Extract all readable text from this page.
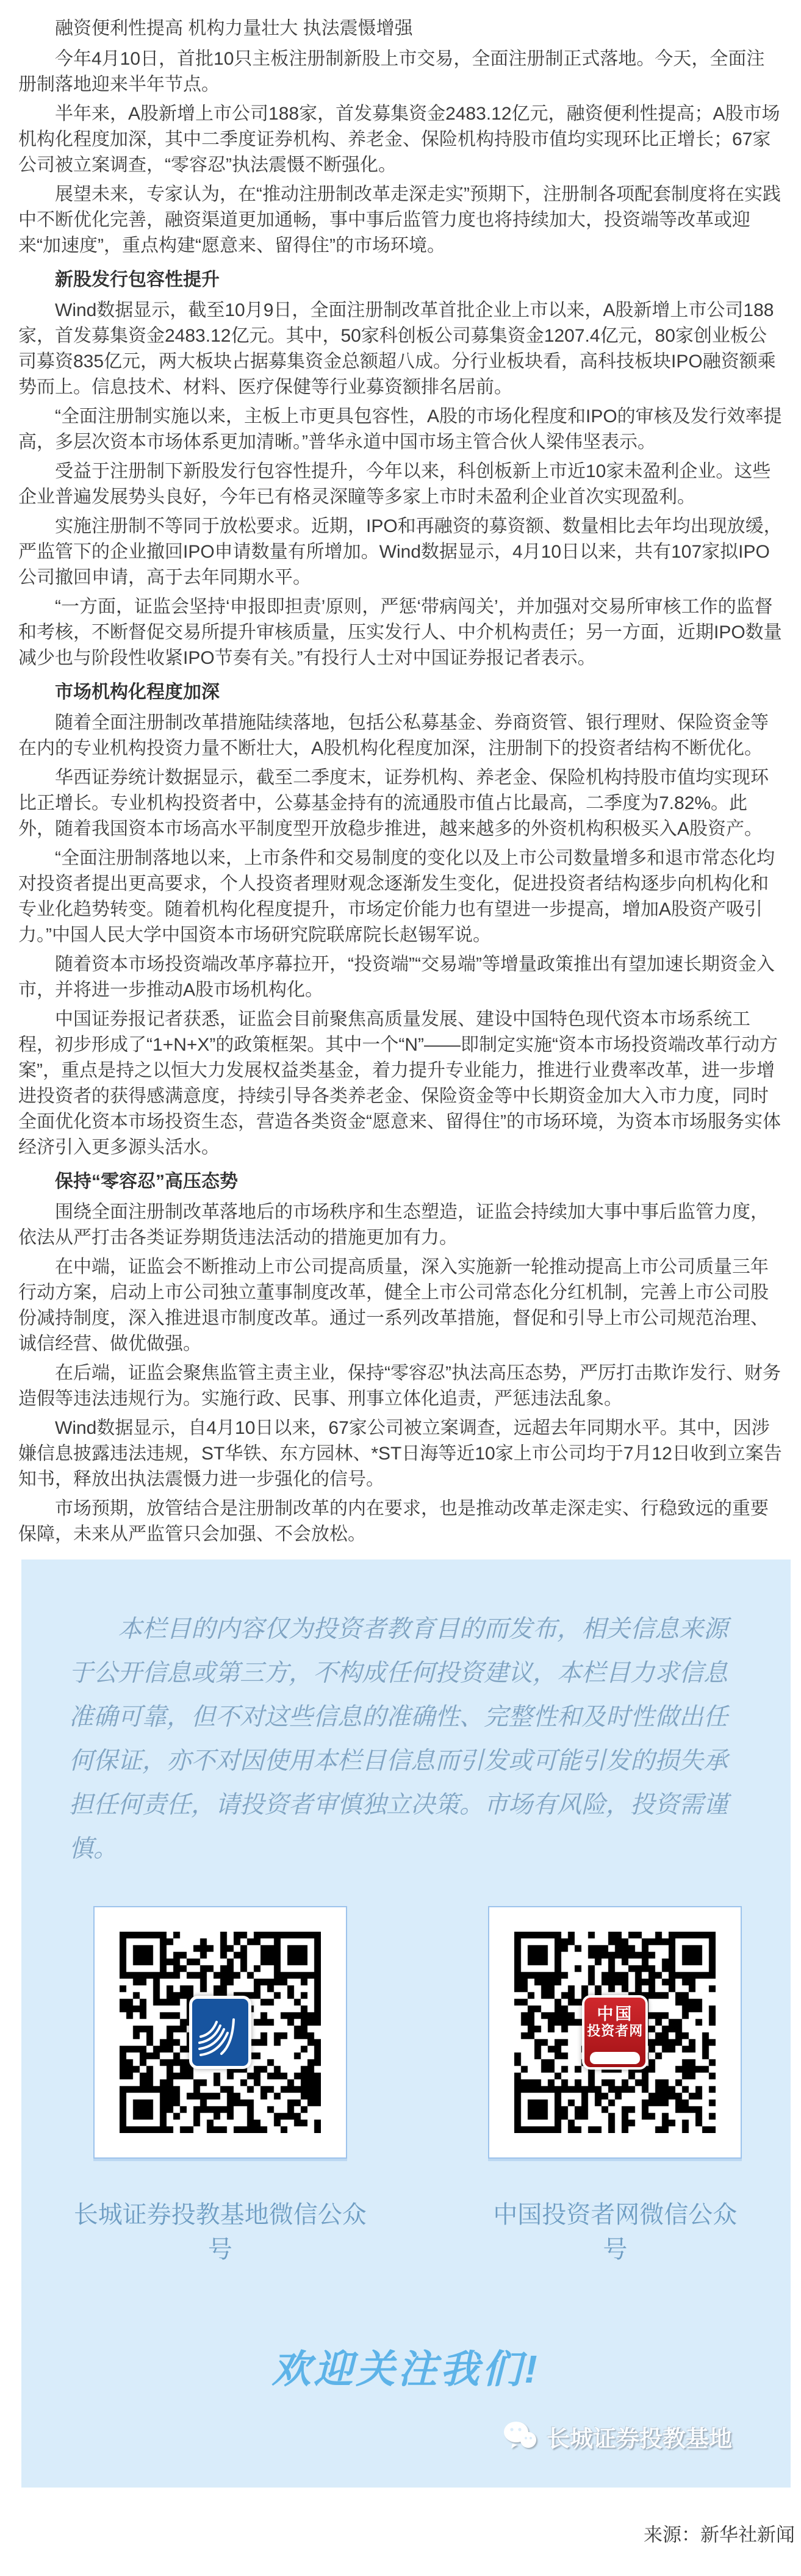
融资便利性提高 机构力量壮大 执法震慑增强

今年4月10日，首批10只主板注册制新股上市交易，全面注册制正式落地。今天，全面注册制落地迎来半年节点。

半年来，A股新增上市公司188家，首发募集资金2483.12亿元，融资便利性提高；A股市场机构化程度加深，其中二季度证券机构、养老金、保险机构持股市值均实现环比正增长；67家公司被立案调查，“零容忍”执法震慑不断强化。

展望未来，专家认为，在“推动注册制改革走深走实”预期下，注册制各项配套制度将在实践中不断优化完善，融资渠道更加通畅，事中事后监管力度也将持续加大，投资端等改革或迎来“加速度”，重点构建“愿意来、留得住”的市场环境。

新股发行包容性提升

Wind数据显示，截至10月9日，全面注册制改革首批企业上市以来，A股新增上市公司188家，首发募集资金2483.12亿元。其中，50家科创板公司募集资金1207.4亿元，80家创业板公司募资835亿元，两大板块占据募集资金总额超八成。分行业板块看，高科技板块IPO融资额乘势而上。信息技术、材料、医疗保健等行业募资额排名居前。

“全面注册制实施以来，主板上市更具包容性，A股的市场化程度和IPO的审核及发行效率提高，多层次资本市场体系更加清晰。”普华永道中国市场主管合伙人梁伟坚表示。

受益于注册制下新股发行包容性提升，今年以来，科创板新上市近10家未盈利企业。这些企业普遍发展势头良好，今年已有格灵深瞳等多家上市时未盈利企业首次实现盈利。

实施注册制不等同于放松要求。近期，IPO和再融资的募资额、数量相比去年均出现放缓，严监管下的企业撤回IPO申请数量有所增加。Wind数据显示，4月10日以来，共有107家拟IPO公司撤回申请，高于去年同期水平。

“一方面，证监会坚持‘申报即担责’原则，严惩‘带病闯关’，并加强对交易所审核工作的监督和考核，不断督促交易所提升审核质量，压实发行人、中介机构责任；另一方面，近期IPO数量减少也与阶段性收紧IPO节奏有关。”有投行人士对中国证券报记者表示。

市场机构化程度加深

随着全面注册制改革措施陆续落地，包括公私募基金、券商资管、银行理财、保险资金等在内的专业机构投资力量不断壮大，A股机构化程度加深，注册制下的投资者结构不断优化。

华西证券统计数据显示，截至二季度末，证券机构、养老金、保险机构持股市值均实现环比正增长。专业机构投资者中，公募基金持有的流通股市值占比最高，二季度为7.82%。此外，随着我国资本市场高水平制度型开放稳步推进，越来越多的外资机构积极买入A股资产。

“全面注册制落地以来，上市条件和交易制度的变化以及上市公司数量增多和退市常态化均对投资者提出更高要求，个人投资者理财观念逐渐发生变化，促进投资者结构逐步向机构化和专业化趋势转变。随着机构化程度提升，市场定价能力也有望进一步提高，增加A股资产吸引力。”中国人民大学中国资本市场研究院联席院长赵锡军说。

随着资本市场投资端改革序幕拉开，“投资端”“交易端”等增量政策推出有望加速长期资金入市，并将进一步推动A股市场机构化。

中国证券报记者获悉，证监会目前聚焦高质量发展、建设中国特色现代资本市场系统工程，初步形成了“1+N+X”的政策框架。其中一个“N”——即制定实施“资本市场投资端改革行动方案”，重点是持之以恒大力发展权益类基金，着力提升专业能力，推进行业费率改革，进一步增进投资者的获得感满意度，持续引导各类养老金、保险资金等中长期资金加大入市力度，同时全面优化资本市场投资生态，营造各类资金“愿意来、留得住”的市场环境，为资本市场服务实体经济引入更多源头活水。

保持“零容忍”高压态势

围绕全面注册制改革落地后的市场秩序和生态塑造，证监会持续加大事中事后监管力度，依法从严打击各类证券期货违法活动的措施更加有力。

在中端，证监会不断推动上市公司提高质量，深入实施新一轮推动提高上市公司质量三年行动方案，启动上市公司独立董事制度改革，健全上市公司常态化分红机制，完善上市公司股份减持制度，深入推进退市制度改革。通过一系列改革措施，督促和引导上市公司规范治理、诚信经营、做优做强。

在后端，证监会聚焦监管主责主业，保持“零容忍”执法高压态势，严厉打击欺诈发行、财务造假等违法违规行为。实施行政、民事、刑事立体化追责，严惩违法乱象。

Wind数据显示，自4月10日以来，67家公司被立案调查，远超去年同期水平。其中，因涉嫌信息披露违法违规，ST华铁、东方园林、*ST日海等近10家上市公司均于7月12日收到立案告知书，释放出执法震慑力进一步强化的信号。

市场预期，放管结合是注册制改革的内在要求，也是推动改革走深走实、行稳致远的重要保障，未来从严监管只会加强、不会放松。

本栏目的内容仅为投资者教育目的而发布，相关信息来源于公开信息或第三方，不构成任何投资建议，本栏目力求信息准确可靠，但不对这些信息的准确性、完整性和及时性做出任何保证，亦不对因使用本栏目信息而引发或可能引发的损失承担任何责任，请投资者审慎独立决策。市场有风险，投资需谨慎。

长城证券投教基地微信公众号
中国
投资者网
中国投资者网微信公众号
欢迎关注我们!
长城证券投教基地
来源：新华社新闻
